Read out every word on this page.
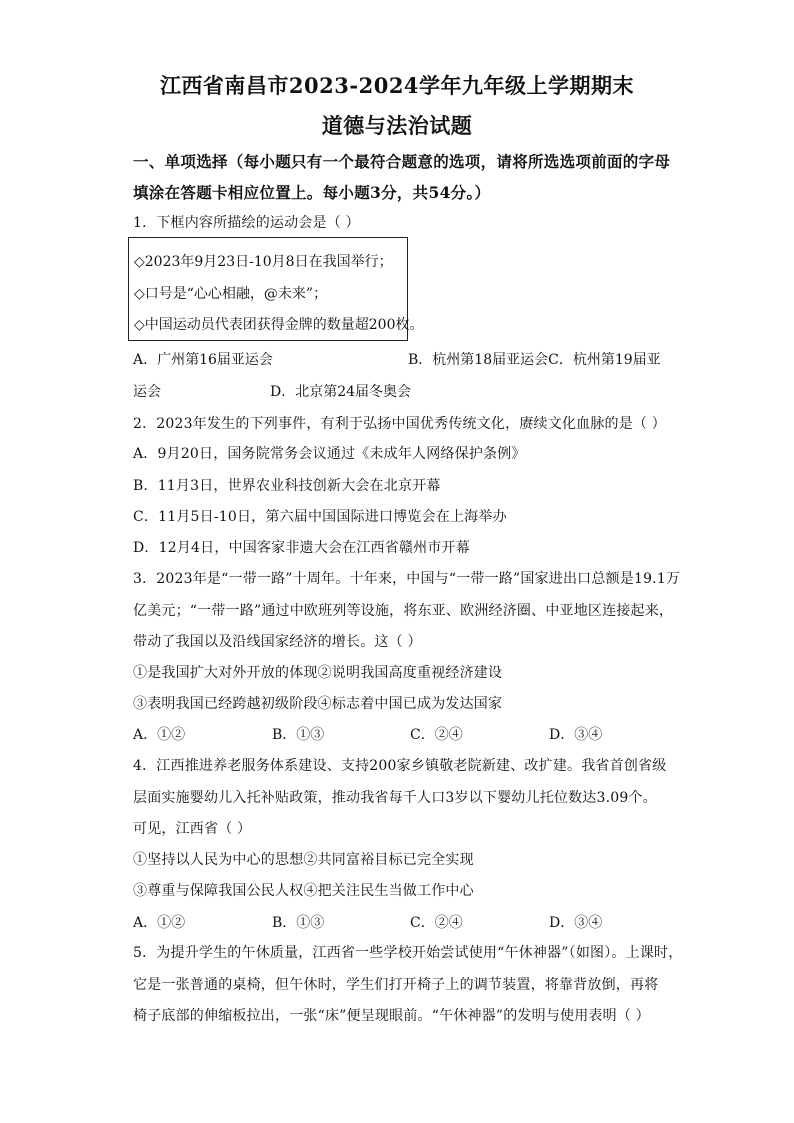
江西省南昌市2023-2024学年九年级上学期期末
道德与法治试题
一、单项选择（每小题只有一个最符合题意的选项，请将所选选项前面的字母填涂在答题卡相应位置上。每小题3分，共54分。）
1．下框内容所描绘的运动会是（ ）
◇2023年9月23日-10月8日在我国举行；
◇口号是“心心相融，@未来”；
◇中国运动员代表团获得金牌的数量超200枚。
A．广州第16届亚运会	B．杭州第18届亚运会C．杭州第19届亚
运会	D．北京第24届冬奥会
2．2023年发生的下列事件，有利于弘扬中国优秀传统文化，赓续文化血脉的是（ ）
A．9月20日，国务院常务会议通过《未成年人网络保护条例》
B．11月3日，世界农业科技创新大会在北京开幕
C．11月5日-10日，第六届中国国际进口博览会在上海举办
D．12月4日，中国客家非遗大会在江西省赣州市开幕
3．2023年是“一带一路”十周年。十年来，中国与“一带一路”国家进出口总额是19.1万
亿美元；“一带一路”通过中欧班列等设施，将东亚、欧洲经济圈、中亚地区连接起来，
带动了我国以及沿线国家经济的增长。这（ ）
①是我国扩大对外开放的体现②说明我国高度重视经济建设
③表明我国已经跨越初级阶段④标志着中国已成为发达国家
A．①②	B．①③	C．②④	D．③④
4．江西推进养老服务体系建设、支持200家乡镇敬老院新建、改扩建。我省首创省级
层面实施婴幼儿入托补贴政策，推动我省每千人口3岁以下婴幼儿托位数达3.09个。
可见，江西省（ ）
①坚持以人民为中心的思想②共同富裕目标已完全实现
③尊重与保障我国公民人权④把关注民生当做工作中心
A．①②	B．①③	C．②④	D．③④
5．为提升学生的午休质量，江西省一些学校开始尝试使用“午休神器”（如图）。上课时，
它是一张普通的桌椅，但午休时，学生们打开椅子上的调节装置，将靠背放倒，再将
椅子底部的伸缩板拉出，一张“床”便呈现眼前。“午休神器”的发明与使用表明（ ）
